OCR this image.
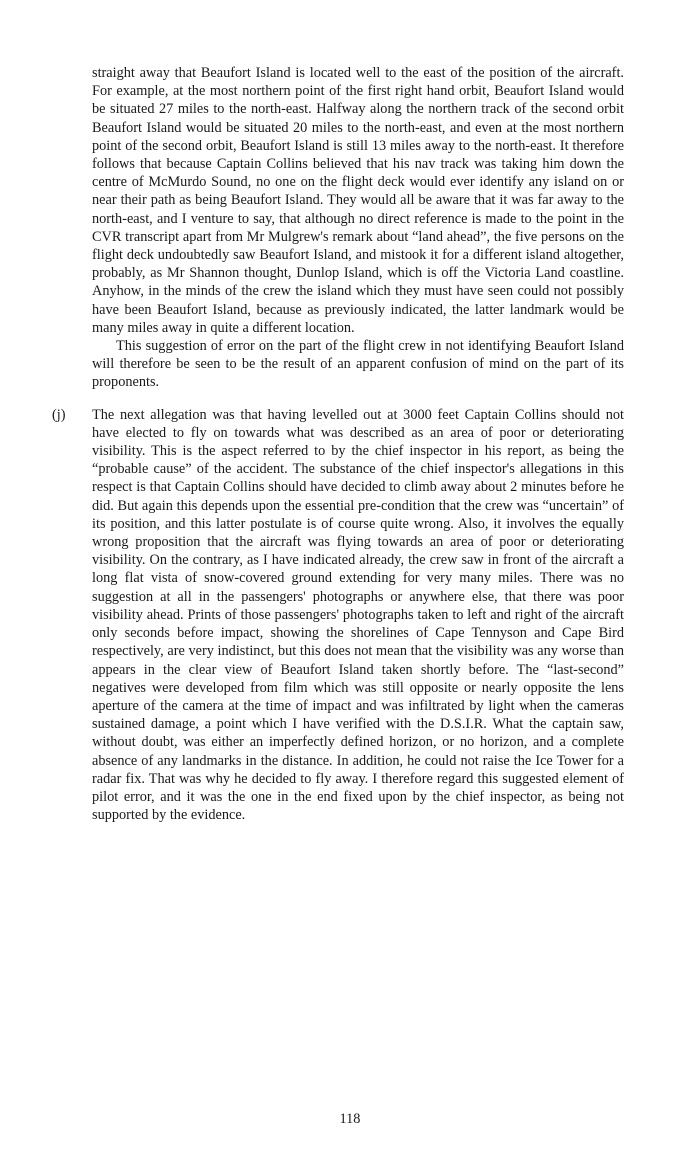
straight away that Beaufort Island is located well to the east of the position of the aircraft. For example, at the most northern point of the first right hand orbit, Beaufort Island would be situated 27 miles to the north-east. Halfway along the northern track of the second orbit Beaufort Island would be situated 20 miles to the north-east, and even at the most northern point of the second orbit, Beaufort Island is still 13 miles away to the north-east. It therefore follows that because Captain Collins believed that his nav track was taking him down the centre of McMurdo Sound, no one on the flight deck would ever identify any island on or near their path as being Beaufort Island. They would all be aware that it was far away to the north-east, and I venture to say, that although no direct reference is made to the point in the CVR transcript apart from Mr Mulgrew's remark about “land ahead”, the five persons on the flight deck undoubtedly saw Beaufort Island, and mistook it for a different island altogether, probably, as Mr Shannon thought, Dunlop Island, which is off the Victoria Land coastline. Anyhow, in the minds of the crew the island which they must have seen could not possibly have been Beaufort Island, because as previously indicated, the latter landmark would be many miles away in quite a different location.

This suggestion of error on the part of the flight crew in not identifying Beaufort Island will therefore be seen to be the result of an apparent confusion of mind on the part of its proponents.

(j) The next allegation was that having levelled out at 3000 feet Captain Collins should not have elected to fly on towards what was described as an area of poor or deteriorating visibility. This is the aspect referred to by the chief inspector in his report, as being the “probable cause” of the accident. The substance of the chief inspector's allegations in this respect is that Captain Collins should have decided to climb away about 2 minutes before he did. But again this depends upon the essential pre-condition that the crew was “uncertain” of its position, and this latter postulate is of course quite wrong. Also, it involves the equally wrong proposition that the aircraft was flying towards an area of poor or deteriorating visibility. On the contrary, as I have indicated already, the crew saw in front of the aircraft a long flat vista of snow-covered ground extending for very many miles. There was no suggestion at all in the passengers' photographs or anywhere else, that there was poor visibility ahead. Prints of those passengers' photographs taken to left and right of the aircraft only seconds before impact, showing the shorelines of Cape Tennyson and Cape Bird respectively, are very indistinct, but this does not mean that the visibility was any worse than appears in the clear view of Beaufort Island taken shortly before. The “last-second” negatives were developed from film which was still opposite or nearly opposite the lens aperture of the camera at the time of impact and was infiltrated by light when the cameras sustained damage, a point which I have verified with the D.S.I.R. What the captain saw, without doubt, was either an imperfectly defined horizon, or no horizon, and a complete absence of any landmarks in the distance. In addition, he could not raise the Ice Tower for a radar fix. That was why he decided to fly away. I therefore regard this suggested element of pilot error, and it was the one in the end fixed upon by the chief inspector, as being not supported by the evidence.

118
